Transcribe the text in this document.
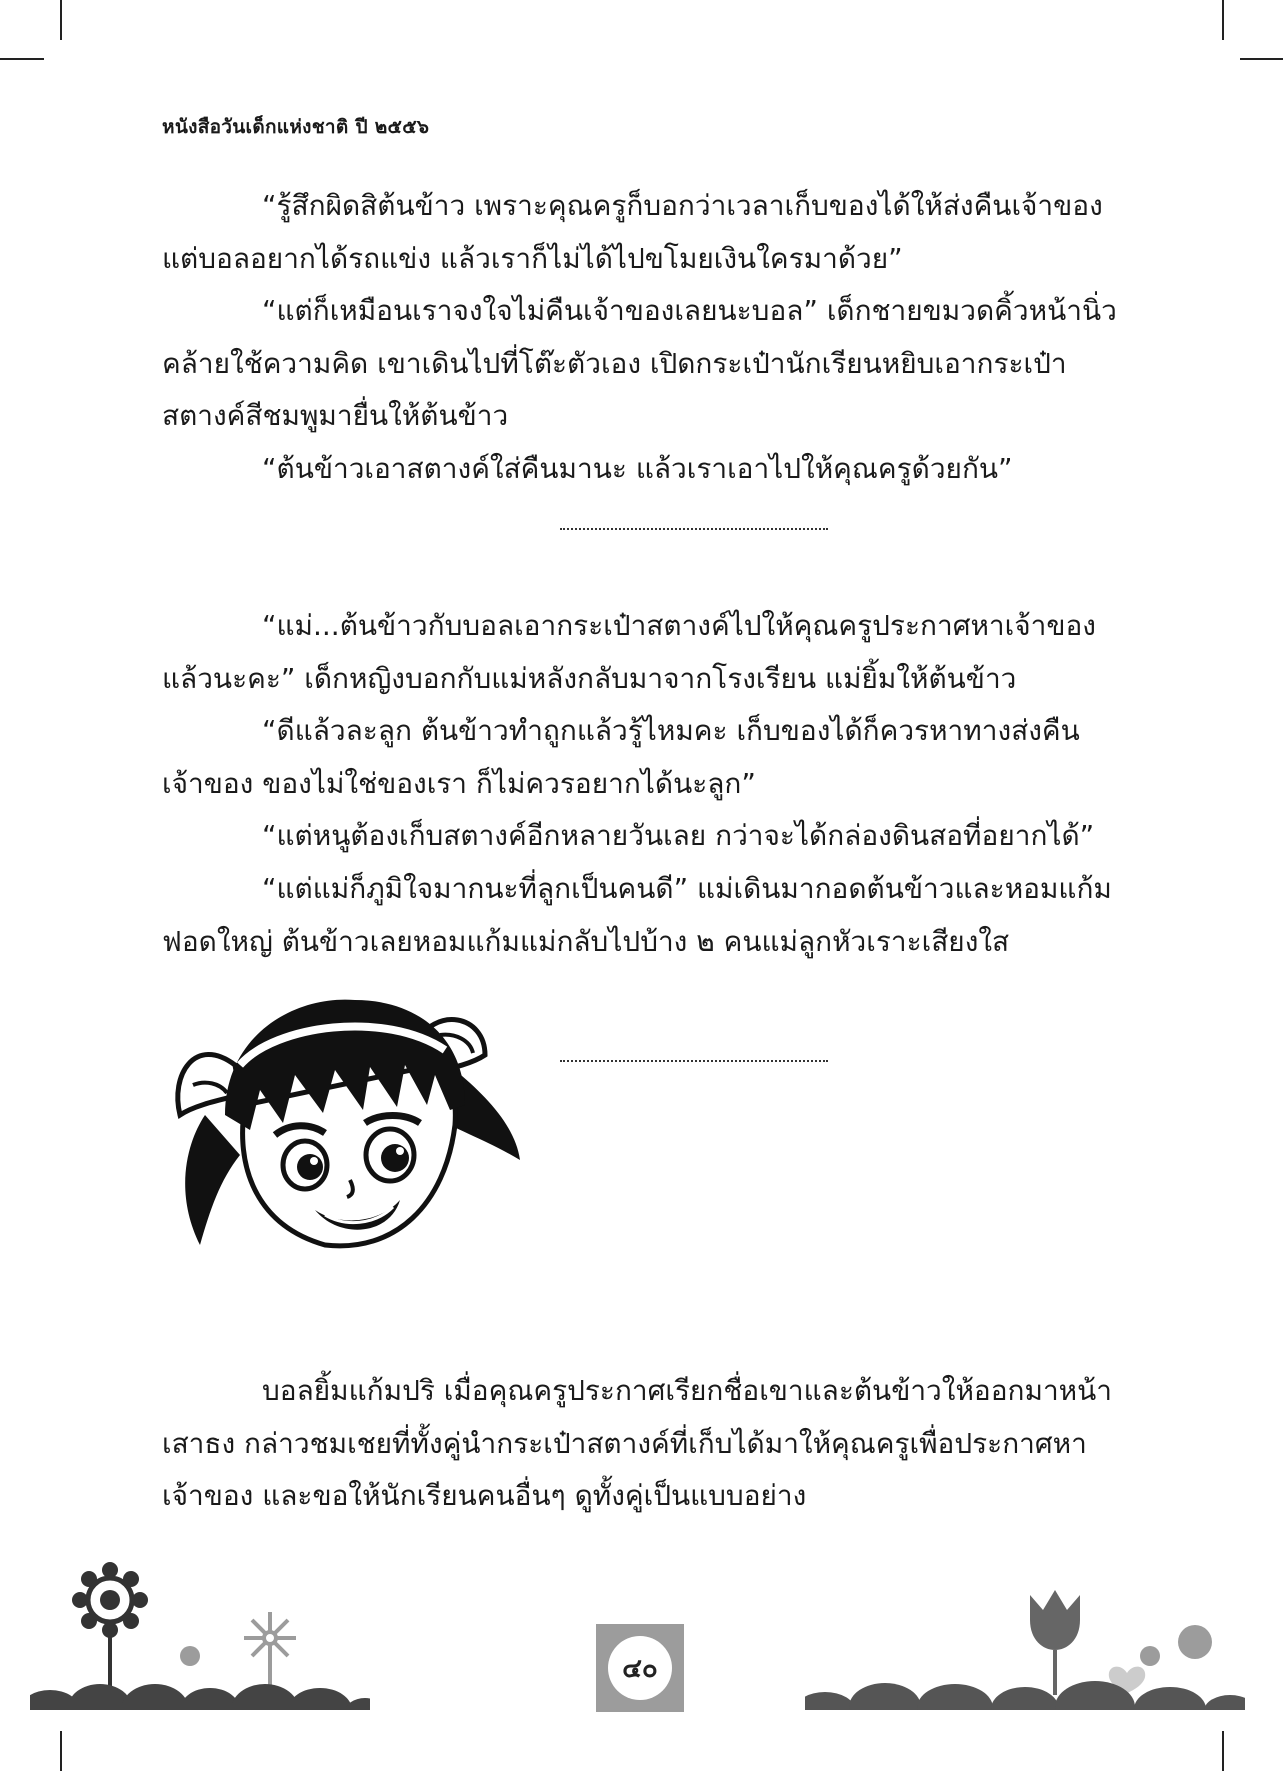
หนังสือวันเด็กแห่งชาติ ปี ๒๕๕๖

“รู้สึกผิดสิต้นข้าว เพราะคุณครูก็บอกว่าเวลาเก็บของได้ให้ส่งคืนเจ้าของ
แต่บอลอยากได้รถแข่ง แล้วเราก็ไม่ได้ไปขโมยเงินใครมาด้วย”

“แต่ก็เหมือนเราจงใจไม่คืนเจ้าของเลยนะบอล” เด็กชายขมวดคิ้วหน้านิ่ว
คล้ายใช้ความคิด เขาเดินไปที่โต๊ะตัวเอง เปิดกระเป๋านักเรียนหยิบเอากระเป๋า
สตางค์สีชมพูมายื่นให้ต้นข้าว

“ต้นข้าวเอาสตางค์ใส่คืนมานะ แล้วเราเอาไปให้คุณครูด้วยกัน”

“แม่...ต้นข้าวกับบอลเอากระเป๋าสตางค์ไปให้คุณครูประกาศหาเจ้าของ
แล้วนะคะ” เด็กหญิงบอกกับแม่หลังกลับมาจากโรงเรียน แม่ยิ้มให้ต้นข้าว

“ดีแล้วละลูก ต้นข้าวทำถูกแล้วรู้ไหมคะ เก็บของได้ก็ควรหาทางส่งคืน
เจ้าของ ของไม่ใช่ของเรา ก็ไม่ควรอยากได้นะลูก”

“แต่หนูต้องเก็บสตางค์อีกหลายวันเลย กว่าจะได้กล่องดินสอที่อยากได้”

“แต่แม่ก็ภูมิใจมากนะที่ลูกเป็นคนดี” แม่เดินมากอดต้นข้าวและหอมแก้ม
ฟอดใหญ่ ต้นข้าวเลยหอมแก้มแม่กลับไปบ้าง ๒ คนแม่ลูกหัวเราะเสียงใส

บอลยิ้มแก้มปริ เมื่อคุณครูประกาศเรียกชื่อเขาและต้นข้าวให้ออกมาหน้า
เสาธง กล่าวชมเชยที่ทั้งคู่นำกระเป๋าสตางค์ที่เก็บได้มาให้คุณครูเพื่อประกาศหา
เจ้าของ และขอให้นักเรียนคนอื่นๆ ดูทั้งคู่เป็นแบบอย่าง

๔๐
